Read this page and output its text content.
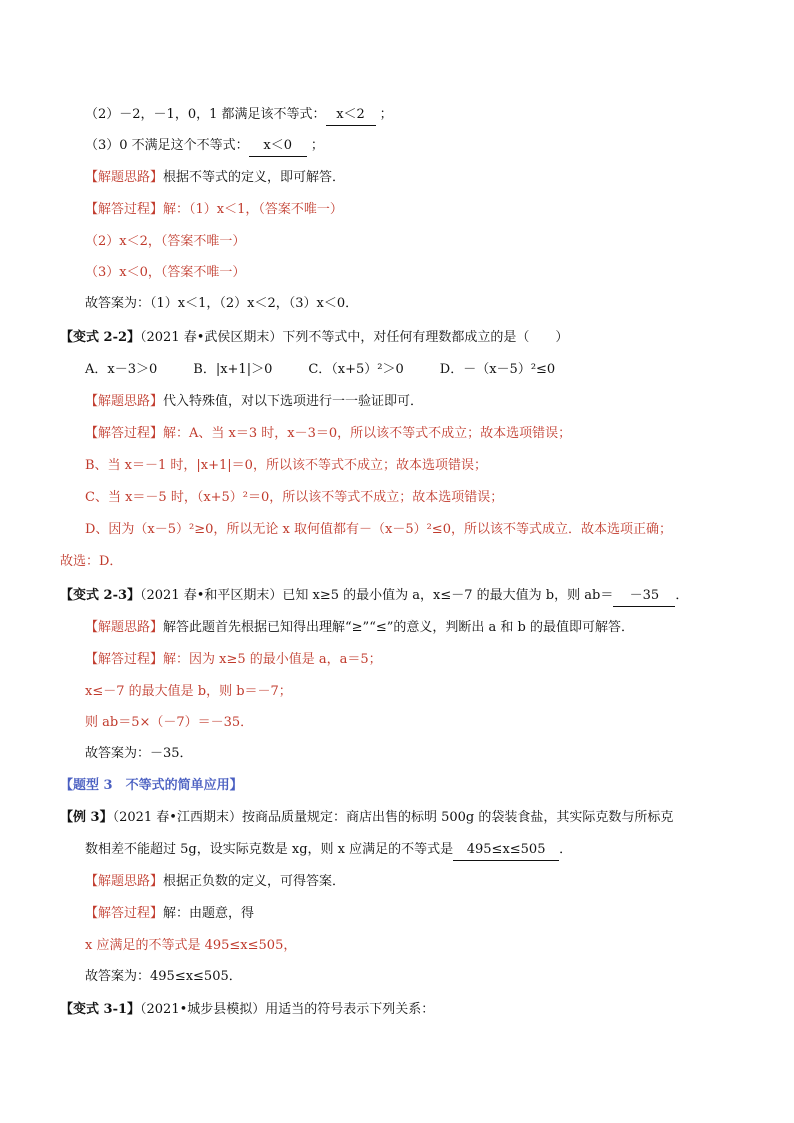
（2）－2，－1，0，1 都满足该不等式： x＜2 ；
（3）0 不满足这个不等式： x＜0 ；
【解题思路】根据不等式的定义，即可解答．
【解答过程】解：（1）x＜1，（答案不唯一）
（2）x＜2，（答案不唯一）
（3）x＜0，（答案不唯一）
故答案为：（1）x＜1，（2）x＜2，（3）x＜0．
【变式 2-2】（2021 春•武侯区期末）下列不等式中，对任何有理数都成立的是（　　）
A．x－3＞0	B．|x+1|＞0	C．（x+5）²＞0	D．－（x－5）²≤0
【解题思路】代入特殊值，对以下选项进行一一验证即可．
【解答过程】解：A、当 x＝3 时，x－3＝0，所以该不等式不成立；故本选项错误；
B、当 x＝－1 时，|x+1|＝0，所以该不等式不成立；故本选项错误；
C、当 x＝－5 时，（x+5）²＝0，所以该不等式不成立；故本选项错误；
D、因为（x－5）²≥0，所以无论 x 取何值都有－（x－5）²≤0，所以该不等式成立．故本选项正确；
故选：D．
【变式 2-3】（2021 春•和平区期末）已知 x≥5 的最小值为 a，x≤－7 的最大值为 b，则 ab＝ －35 ．
【解题思路】解答此题首先根据已知得出理解“≥”“≤”的意义，判断出 a 和 b 的最值即可解答．
【解答过程】解：因为 x≥5 的最小值是 a，a＝5；
x≤－7 的最大值是 b，则 b＝－7；
则 ab＝5×（－7）＝－35．
故答案为：－35．
【题型 3　不等式的简单应用】
【例 3】（2021 春•江西期末）按商品质量规定：商店出售的标明 500g 的袋装食盐，其实际克数与所标克
数相差不能超过 5g，设实际克数是 xg，则 x 应满足的不等式是 495≤x≤505 ．
【解题思路】根据正负数的定义，可得答案．
【解答过程】解：由题意，得
x 应满足的不等式是 495≤x≤505，
故答案为：495≤x≤505．
【变式 3-1】（2021•城步县模拟）用适当的符号表示下列关系：
